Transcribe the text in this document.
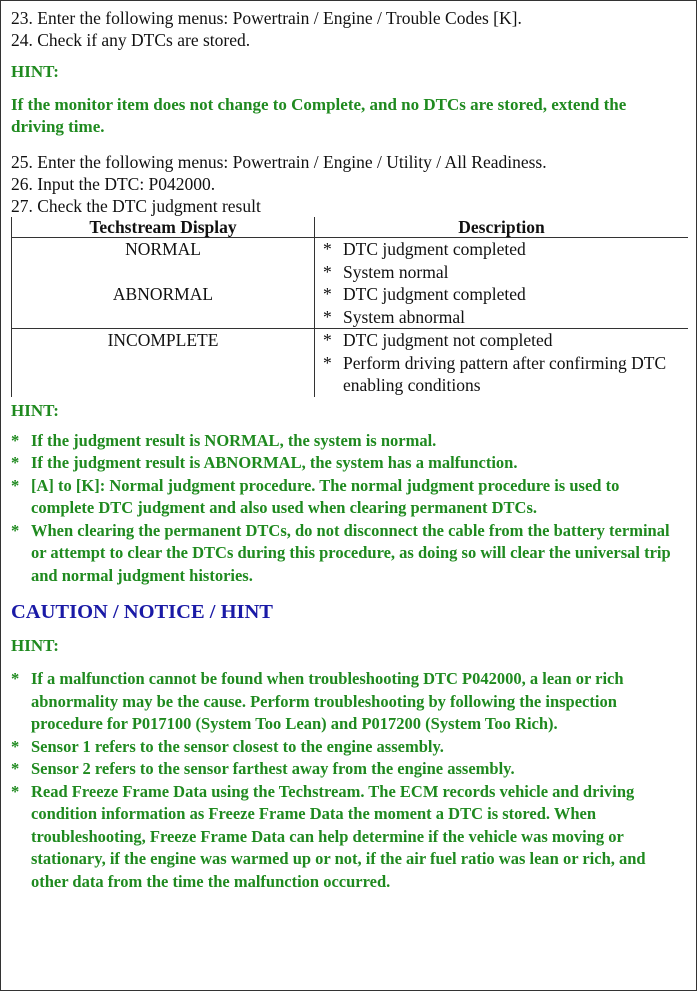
23. Enter the following menus: Powertrain / Engine / Trouble Codes [K].

24. Check if any DTCs are stored.

HINT:

If the monitor item does not change to Complete, and no DTCs are stored, extend the driving time.

25. Enter the following menus: Powertrain / Engine / Utility / All Readiness.

26. Input the DTC: P042000.

27. Check the DTC judgment result

Techstream Display	Description
NORMAL	* DTC judgment completed
* System normal

ABNORMAL	* DTC judgment completed
* System abnormal

INCOMPLETE	* DTC judgment not completed
* Perform driving pattern after confirming DTC enabling conditions

HINT:

* If the judgment result is NORMAL, the system is normal.
* If the judgment result is ABNORMAL, the system has a malfunction.
* [A] to [K]: Normal judgment procedure. The normal judgment procedure is used to complete DTC judgment and also used when clearing permanent DTCs.
* When clearing the permanent DTCs, do not disconnect the cable from the battery terminal or attempt to clear the DTCs during this procedure, as doing so will clear the universal trip and normal judgment histories.

CAUTION / NOTICE / HINT

HINT:

* If a malfunction cannot be found when troubleshooting DTC P042000, a lean or rich abnormality may be the cause. Perform troubleshooting by following the inspection procedure for P017100 (System Too Lean) and P017200 (System Too Rich).
* Sensor 1 refers to the sensor closest to the engine assembly.
* Sensor 2 refers to the sensor farthest away from the engine assembly.
* Read Freeze Frame Data using the Techstream. The ECM records vehicle and driving condition information as Freeze Frame Data the moment a DTC is stored. When troubleshooting, Freeze Frame Data can help determine if the vehicle was moving or stationary, if the engine was warmed up or not, if the air fuel ratio was lean or rich, and other data from the time the malfunction occurred.
